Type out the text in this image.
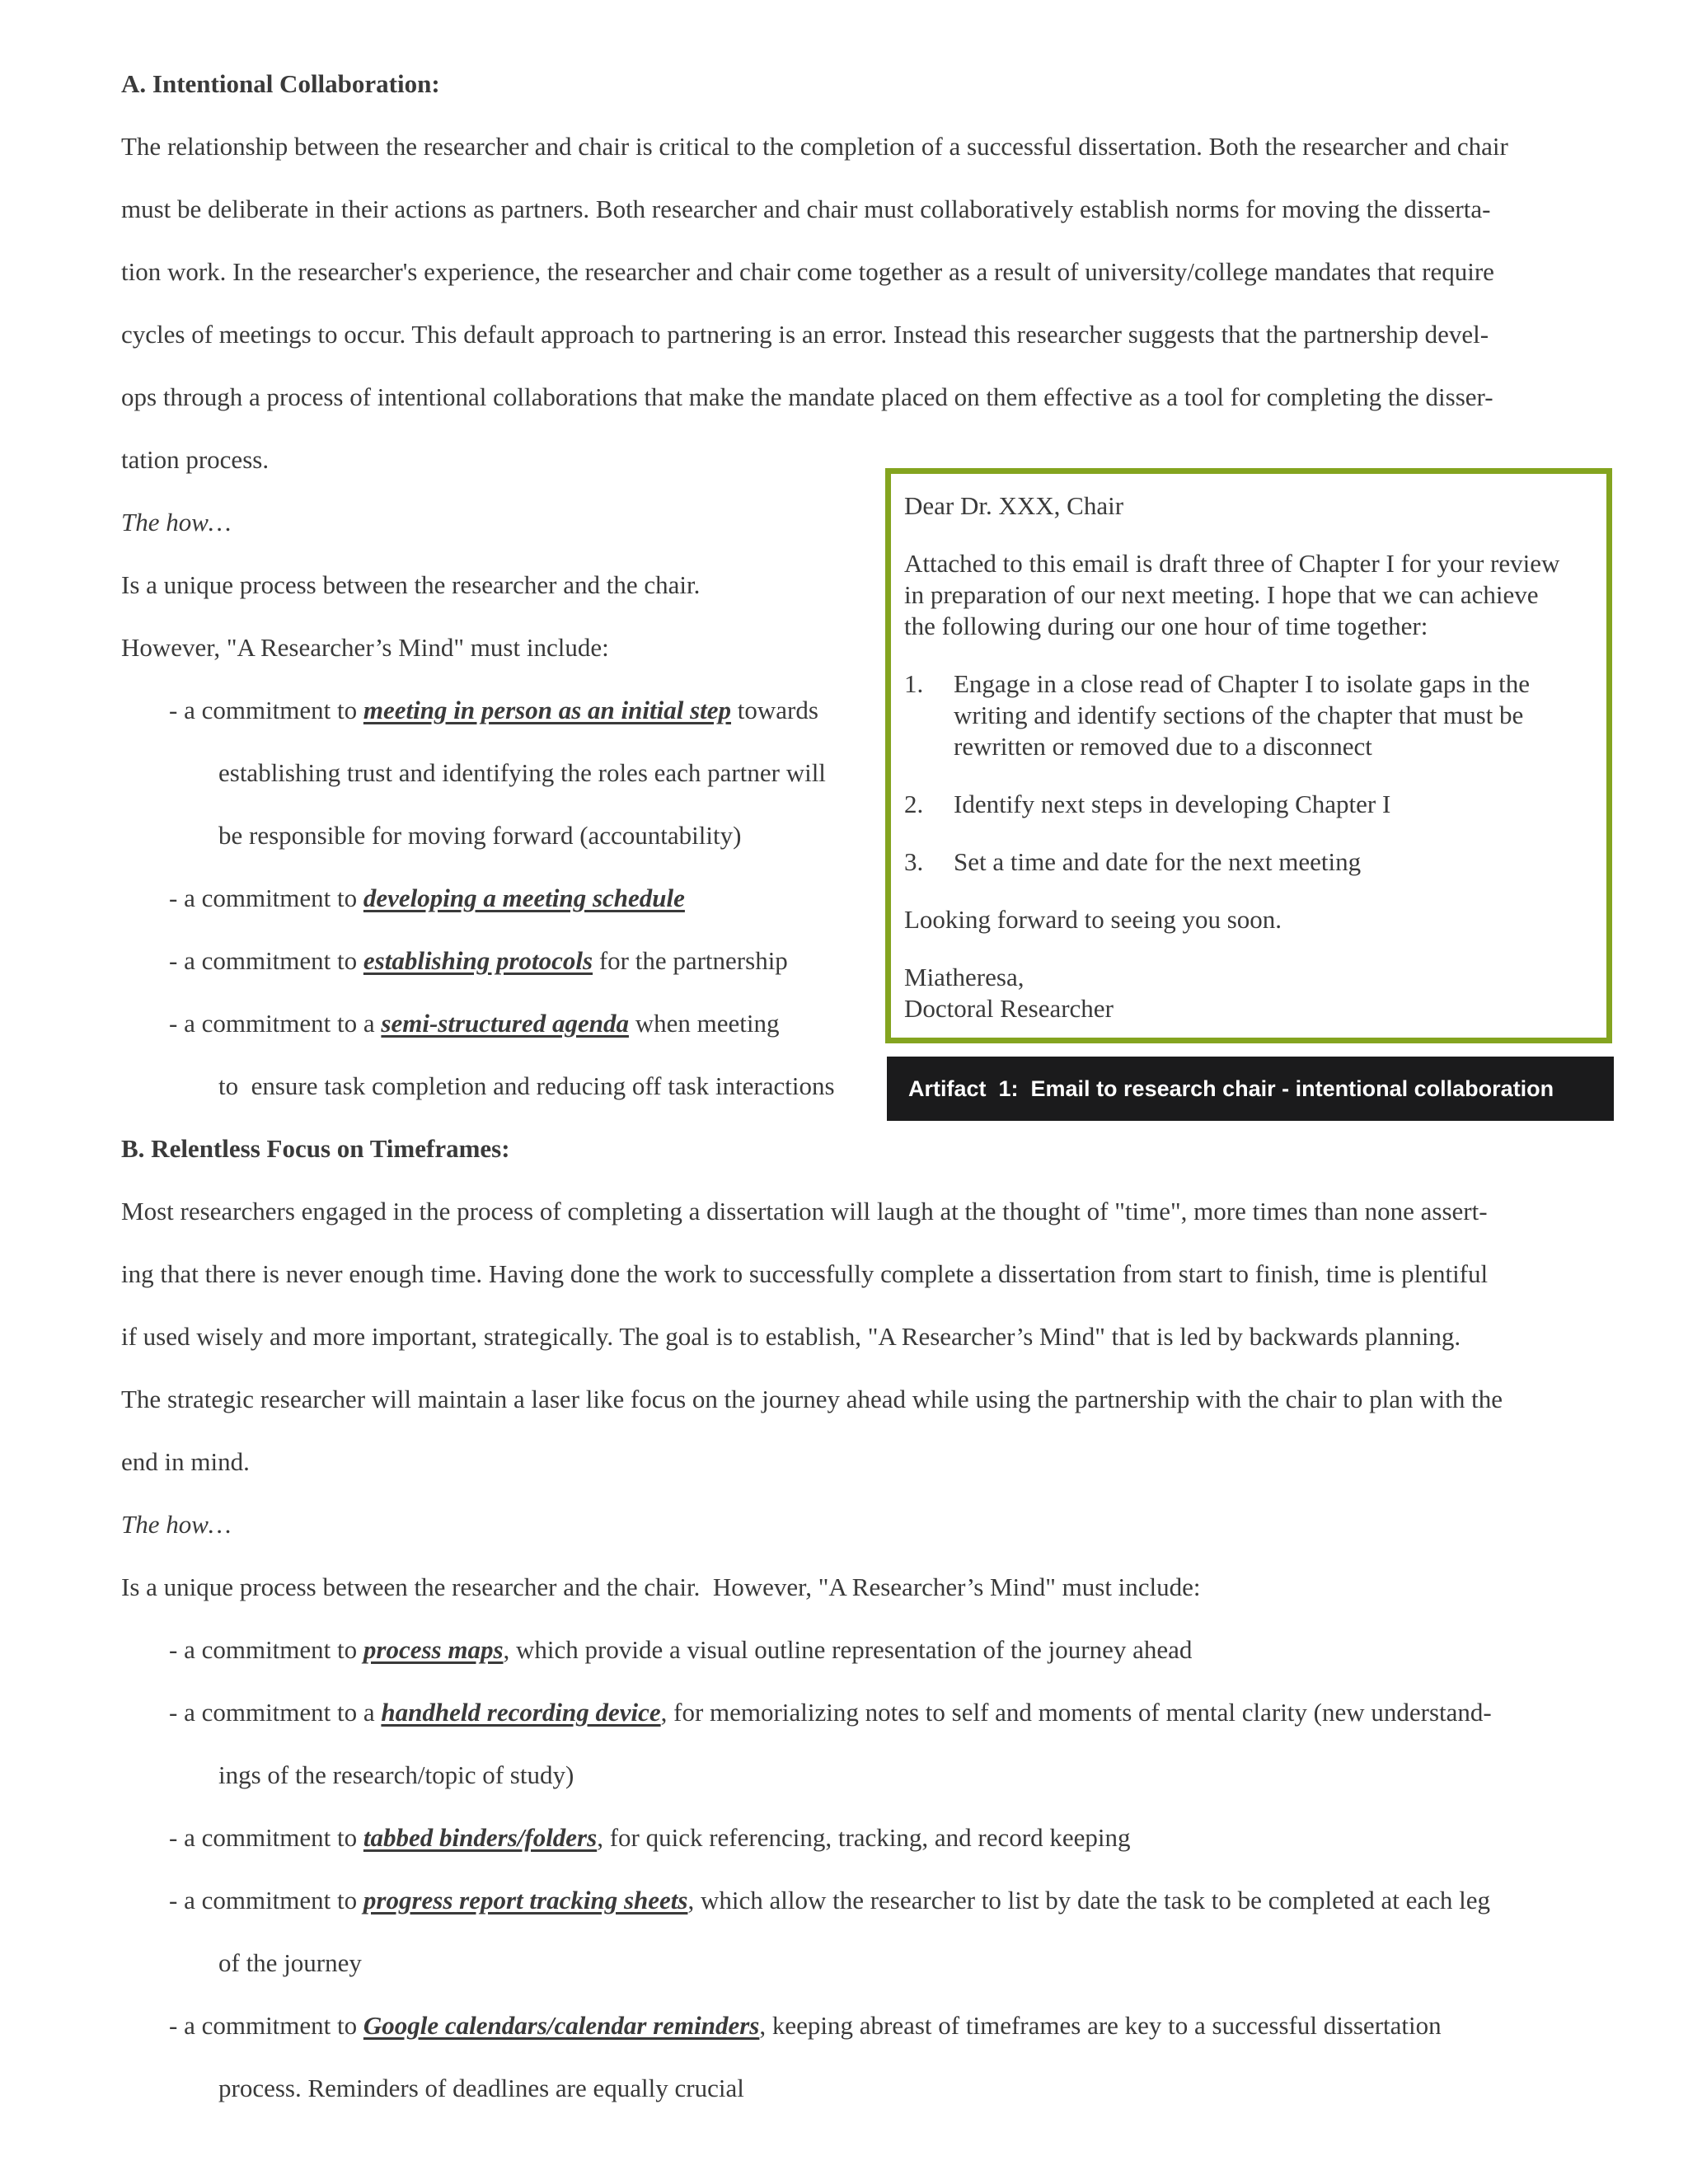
A. Intentional Collaboration:

The relationship between the researcher and chair is critical to the completion of a successful dissertation. Both the researcher and chair

must be deliberate in their actions as partners. Both researcher and chair must collaboratively establish norms for moving the disserta-

tion work. In the researcher's experience, the researcher and chair come together as a result of university/college mandates that require

cycles of meetings to occur. This default approach to partnering is an error. Instead this researcher suggests that the partnership devel-

ops through a process of intentional collaborations that make the mandate placed on them effective as a tool for completing the disser-

tation process.

The how…

Is a unique process between the researcher and the chair.

However, "A Researcher’s Mind" must include:

- a commitment to meeting in person as an initial step towards

establishing trust and identifying the roles each partner will

be responsible for moving forward (accountability)

- a commitment to developing a meeting schedule

- a commitment to establishing protocols for the partnership

- a commitment to a semi-structured agenda when meeting

to  ensure task completion and reducing off task interactions

Dear Dr. XXX, Chair

Attached to this email is draft three of Chapter I for your review

in preparation of our next meeting. I hope that we can achieve

the following during our one hour of time together:

1. Engage in a close read of Chapter I to isolate gaps in the
writing and identify sections of the chapter that must be
rewritten or removed due to a disconnect
2. Identify next steps in developing Chapter I
3. Set a time and date for the next meeting

Looking forward to seeing you soon.

Miatheresa,

Doctoral Researcher

Artifact  1:  Email to research chair - intentional collaboration
B. Relentless Focus on Timeframes:

Most researchers engaged in the process of completing a dissertation will laugh at the thought of "time", more times than none assert-

ing that there is never enough time. Having done the work to successfully complete a dissertation from start to finish, time is plentiful

if used wisely and more important, strategically. The goal is to establish, "A Researcher’s Mind" that is led by backwards planning.

The strategic researcher will maintain a laser like focus on the journey ahead while using the partnership with the chair to plan with the

end in mind.

The how…

Is a unique process between the researcher and the chair.  However, "A Researcher’s Mind" must include:

- a commitment to process maps, which provide a visual outline representation of the journey ahead

- a commitment to a handheld recording device, for memorializing notes to self and moments of mental clarity (new understand-

ings of the research/topic of study)

- a commitment to tabbed binders/folders, for quick referencing, tracking, and record keeping

- a commitment to progress report tracking sheets, which allow the researcher to list by date the task to be completed at each leg

of the journey

- a commitment to Google calendars/calendar reminders, keeping abreast of timeframes are key to a successful dissertation

process. Reminders of deadlines are equally crucial
